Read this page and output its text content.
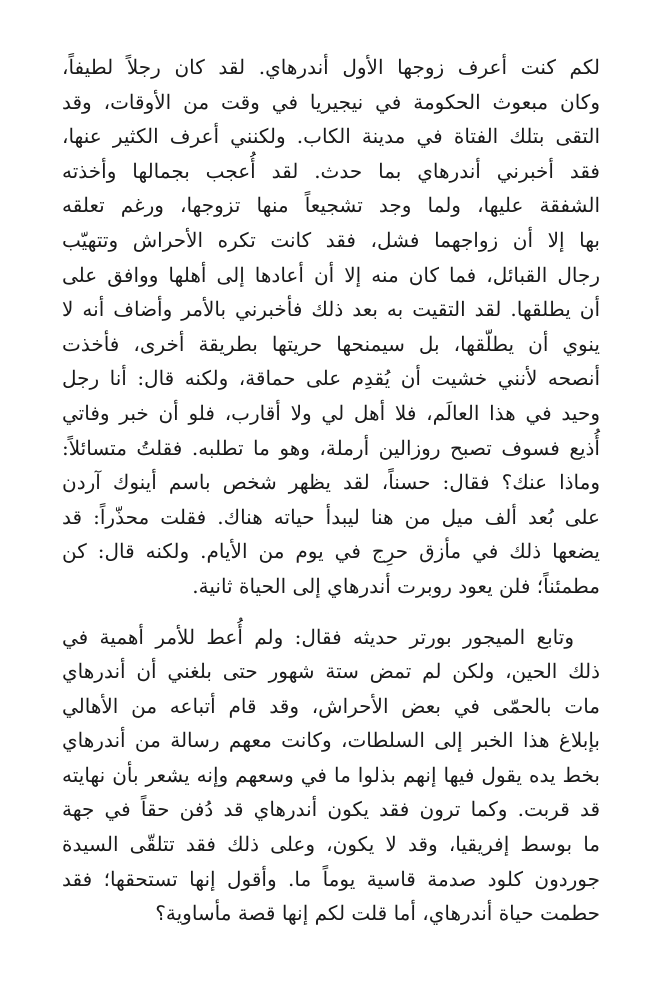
لكم كنت أعرف زوجها الأول أندرهاي. لقد كان رجلاً لطيفاً،
وكان مبعوث الحكومة في نيجيريا في وقت من الأوقات، وقد
التقى بتلك الفتاة في مدينة الكاب. ولكنني أعرف الكثير عنها،
فقد أخبرني أندرهاي بما حدث. لقد أُعجب بجمالها وأخذته
الشفقة عليها، ولما وجد تشجيعاً منها تزوجها، ورغم تعلقه
بها إلا أن زواجهما فشل، فقد كانت تكره الأحراش وتتهيّب
رجال القبائل، فما كان منه إلا أن أعادها إلى أهلها ووافق على
أن يطلقها. لقد التقيت به بعد ذلك فأخبرني بالأمر وأضاف أنه لا
ينوي أن يطلّقها، بل سيمنحها حريتها بطريقة أخرى، فأخذت
أنصحه لأنني خشيت أن يُقدِم على حماقة، ولكنه قال: أنا رجل
وحيد في هذا العالَم، فلا أهل لي ولا أقارب، فلو أن خبر وفاتي
أُذيع فسوف تصبح روزالين أرملة، وهو ما تطلبه. فقلتُ متسائلاً:
وماذا عنك؟ فقال: حسناً، لقد يظهر شخص باسم أينوك آردن
على بُعد ألف ميل من هنا ليبدأ حياته هناك. فقلت محذّراً: قد
يضعها ذلك في مأزق حرِج في يوم من الأيام. ولكنه قال: كن
مطمئناً؛ فلن يعود روبرت أندرهاي إلى الحياة ثانية.
وتابع الميجور بورتر حديثه فقال: ولم أُعط للأمر أهمية في
ذلك الحين، ولكن لم تمض ستة شهور حتى بلغني أن أندرهاي
مات بالحمّى في بعض الأحراش، وقد قام أتباعه من الأهالي
بإبلاغ هذا الخبر إلى السلطات، وكانت معهم رسالة من أندرهاي
بخط يده يقول فيها إنهم بذلوا ما في وسعهم وإنه يشعر بأن نهايته
قد قربت. وكما ترون فقد يكون أندرهاي قد دُفن حقاً في جهة
ما بوسط إفريقيا، وقد لا يكون، وعلى ذلك فقد تتلقّى السيدة
جوردون كلود صدمة قاسية يوماً ما. وأقول إنها تستحقها؛ فقد
حطمت حياة أندرهاي، أما قلت لكم إنها قصة مأساوية؟
